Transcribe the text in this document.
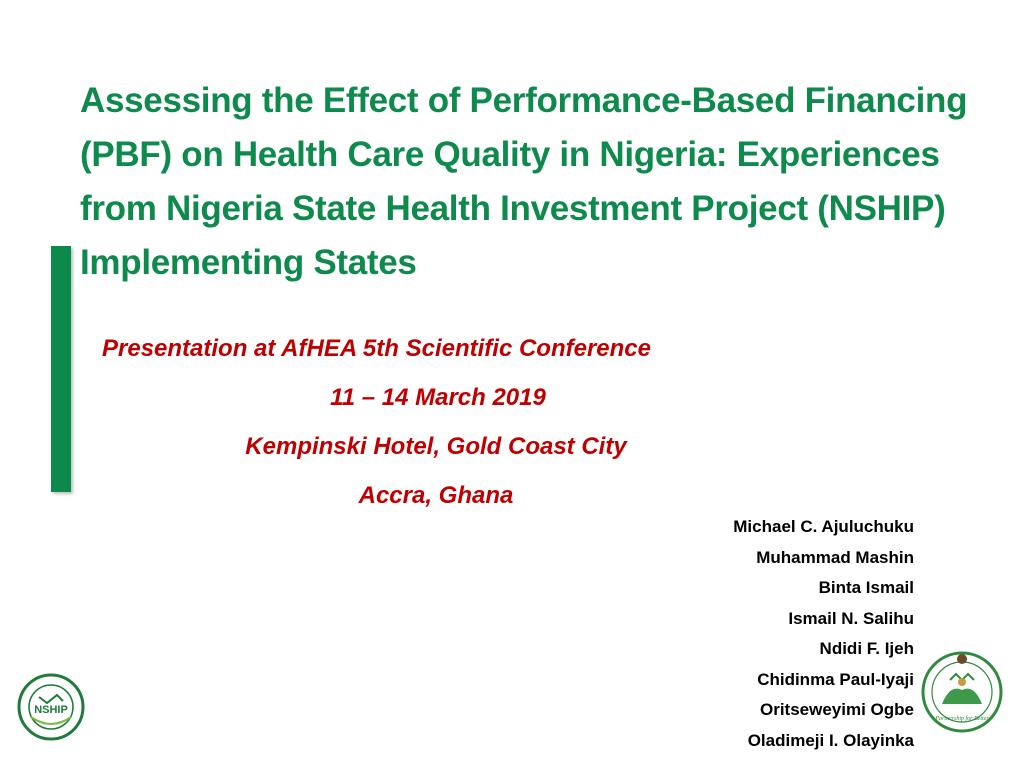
Assessing the Effect of Performance-Based Financing (PBF) on Health Care Quality in Nigeria: Experiences from Nigeria State Health Investment Project (NSHIP) Implementing States
Presentation at AfHEA 5th Scientific Conference
11 – 14 March 2019
Kempinski Hotel, Gold Coast City
Accra, Ghana
Michael C. Ajuluchuku
Muhammad Mashin
Binta Ismail
Ismail N. Salihu
Ndidi F. Ijeh
Chidinma Paul-Iyaji
Oritseweyimi Ogbe
Oladimeji I. Olayinka
NSHIP
Partnership for Better
